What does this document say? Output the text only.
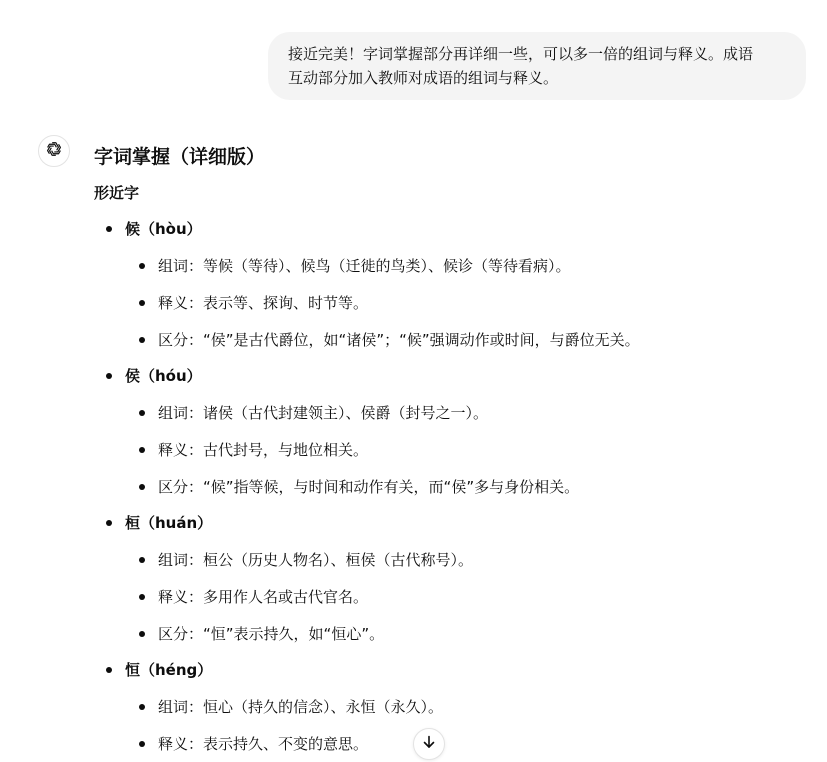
接近完美！字词掌握部分再详细一些，可以多一倍的组词与释义。成语
互动部分加入教师对成语的组词与释义。
字词掌握（详细版）
形近字
候（hòu）
组词：等候（等待）、候鸟（迁徙的鸟类）、候诊（等待看病）。
释义：表示等、探询、时节等。
区分：“侯”是古代爵位，如“诸侯”；“候”强调动作或时间，与爵位无关。
侯（hóu）
组词：诸侯（古代封建领主）、侯爵（封号之一）。
释义：古代封号，与地位相关。
区分：“候”指等候，与时间和动作有关，而“侯”多与身份相关。
桓（huán）
组词：桓公（历史人物名）、桓侯（古代称号）。
释义：多用作人名或古代官名。
区分：“恒”表示持久，如“恒心”。
恒（héng）
组词：恒心（持久的信念）、永恒（永久）。
释义：表示持久、不变的意思。
